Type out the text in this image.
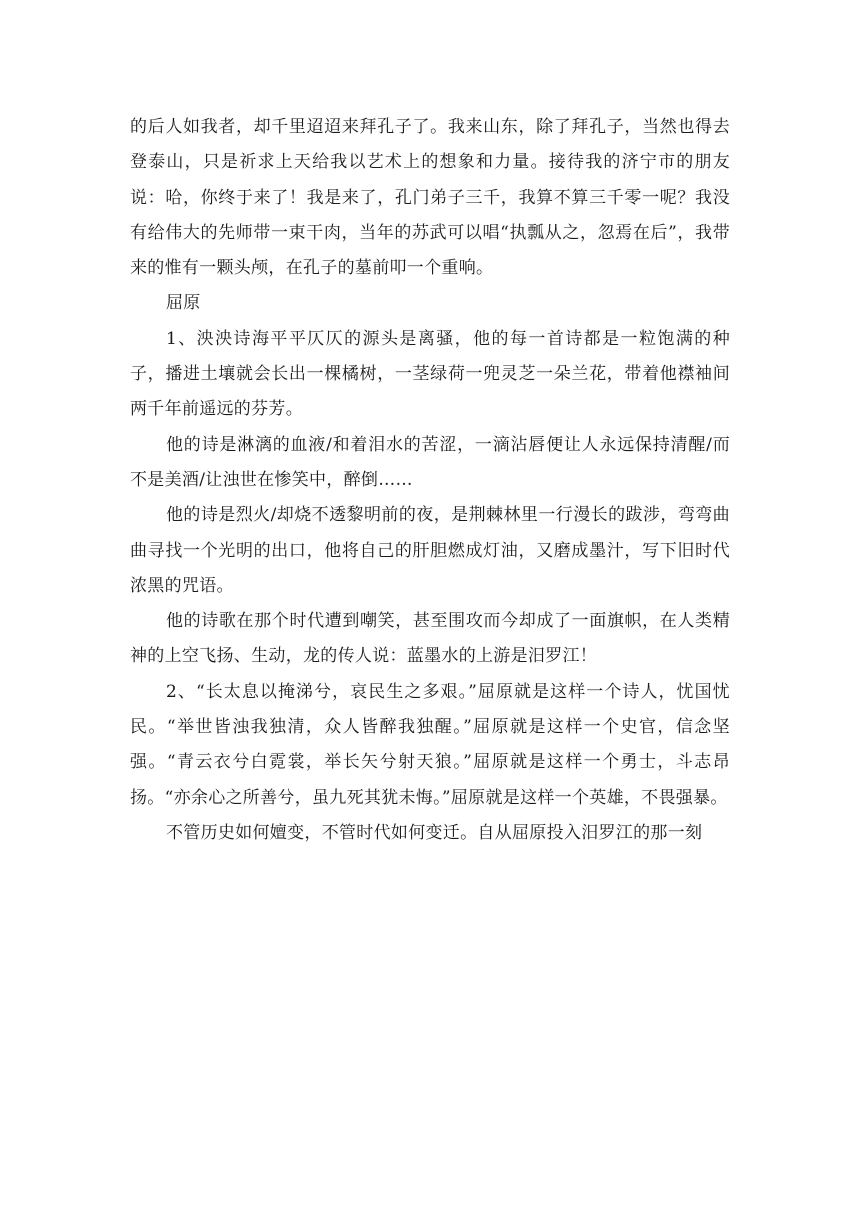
的后人如我者，却千里迢迢来拜孔子了。我来山东，除了拜孔子，当然也得去登泰山，只是祈求上天给我以艺术上的想象和力量。接待我的济宁市的朋友说：哈，你终于来了！我是来了，孔门弟子三千，我算不算三千零一呢？我没有给伟大的先师带一束干肉，当年的苏武可以唱“执瓢从之，忽焉在后”，我带来的惟有一颗头颅，在孔子的墓前叩一个重响。

屈原

1、泱泱诗海平平仄仄的源头是离骚，他的每一首诗都是一粒饱满的种子，播进土壤就会长出一棵橘树，一茎绿荷一兜灵芝一朵兰花，带着他襟袖间两千年前遥远的芬芳。

他的诗是淋漓的血液/和着泪水的苦涩，一滴沾唇便让人永远保持清醒/而不是美酒/让浊世在惨笑中，醉倒……

他的诗是烈火/却烧不透黎明前的夜，是荆棘林里一行漫长的跋涉，弯弯曲曲寻找一个光明的出口，他将自己的肝胆燃成灯油，又磨成墨汁，写下旧时代浓黑的咒语。

他的诗歌在那个时代遭到嘲笑，甚至围攻而今却成了一面旗帜，在人类精神的上空飞扬、生动，龙的传人说：蓝墨水的上游是汨罗江！

2、“长太息以掩涕兮，哀民生之多艰。”屈原就是这样一个诗人，忧国忧民。“举世皆浊我独清，众人皆醉我独醒。”屈原就是这样一个史官，信念坚强。“青云衣兮白霓裳，举长矢兮射天狼。”屈原就是这样一个勇士，斗志昂扬。“亦余心之所善兮，虽九死其犹未悔。”屈原就是这样一个英雄，不畏强暴。

不管历史如何嬗变，不管时代如何变迁。自从屈原投入汨罗江的那一刻
